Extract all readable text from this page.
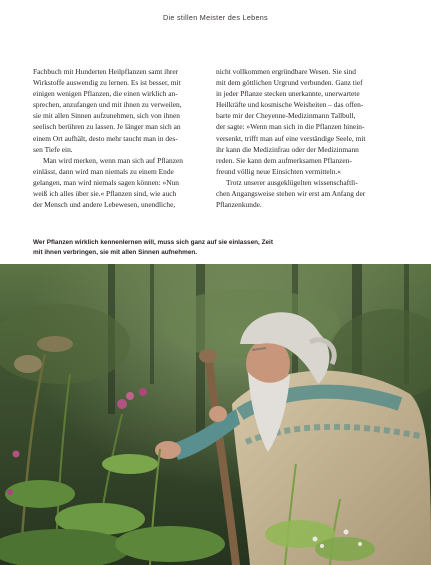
Die stillen Meister des Lebens

Fachbuch mit Hunderten Heilpflanzen samt ihrer
Wirkstoffe auswendig zu lernen. Es ist besser, mit
einigen wenigen Pflanzen, die einen wirklich an-
sprechen, anzufangen und mit ihnen zu verweilen,
sie mit allen Sinnen aufzunehmen, sich von ihnen
seelisch berühren zu lassen. Je länger man sich an
einem Ort aufhält, desto mehr taucht man in des-
sen Tiefe ein.

Man wird merken, wenn man sich auf Pflanzen
einlässt, dann wird man niemals zu einem Ende
gelangen, man wird niemals sagen können: »Nun
weiß ich alles über sie.« Pflanzen sind, wie auch
der Mensch und andere Lebewesen, unendliche,

nicht vollkommen ergründbare Wesen. Sie sind
mit dem göttlichen Urgrund verbunden. Ganz tief
in jeder Pflanze stecken unerkannte, unerwartete
Heilkräfte und kosmische Weisheiten – das offen-
barte mir der Cheyenne-Medizinmann Tallbull,
der sagte: »Wenn man sich in die Pflanzen hinein-
versenkt, trifft man auf eine verständige Seele, mit
ihr kann die Medizinfrau oder der Medizinmann
reden. Sie kann dem aufmerksamen Pflanzen-
freund völlig neue Einsichten vermitteln.«

Trotz unserer ausgeklügelten wissenschaftli-
chen Angangsweise stehen wir erst am Anfang der
Pflanzenkunde.

Wer Pflanzen wirklich kennenlernen will, muss sich ganz auf sie einlassen, Zeit
mit ihnen verbringen, sie mit allen Sinnen aufnehmen.
